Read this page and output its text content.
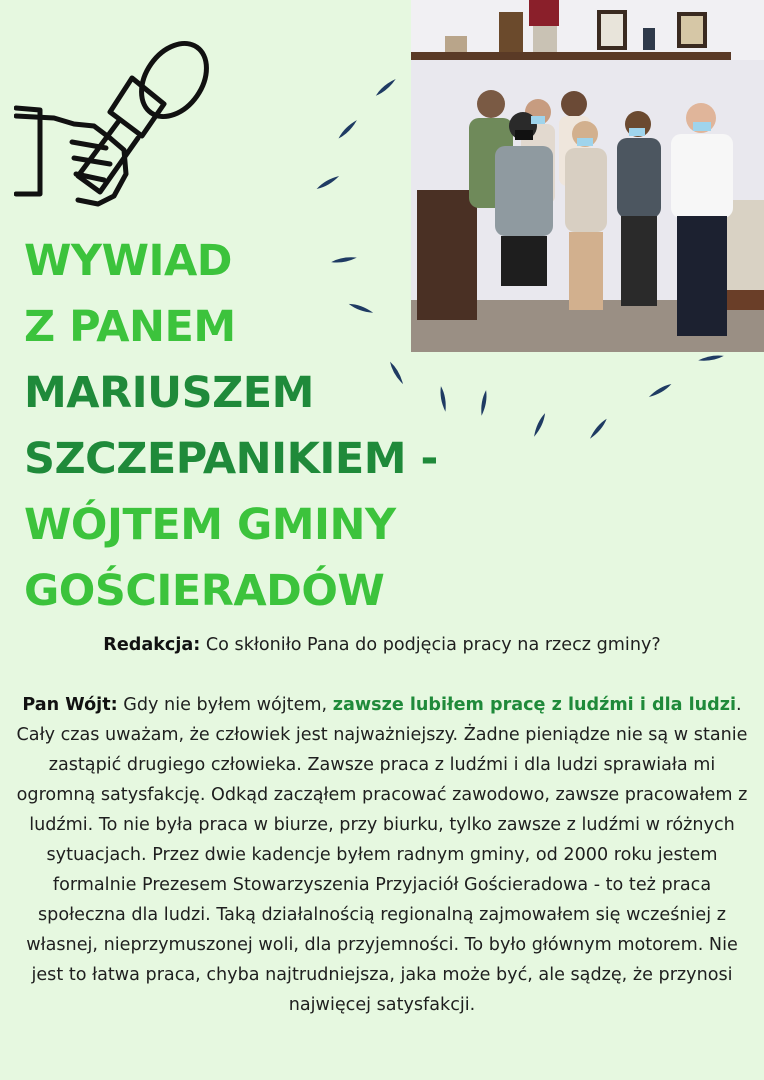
WYWIAD
Z PANEM
MARIUSZEM
SZCZEPANIKIEM -
WÓJTEM GMINY
GOŚCIERADÓW

Redakcja: Co skłoniło Pana do podjęcia pracy na rzecz gminy?

Pan Wójt: Gdy nie byłem wójtem, zawsze lubiłem pracę z ludźmi i dla ludzi. Cały czas uważam, że człowiek jest najważniejszy. Żadne pieniądze nie są w stanie zastąpić drugiego człowieka. Zawsze praca z ludźmi i dla ludzi sprawiała mi ogromną satysfakcję. Odkąd zacząłem pracować zawodowo, zawsze pracowałem z ludźmi. To nie była praca w biurze, przy biurku, tylko zawsze z ludźmi w różnych sytuacjach. Przez dwie kadencje byłem radnym gminy, od 2000 roku jestem formalnie Prezesem Stowarzyszenia Przyjaciół Gościeradowa - to też praca społeczna dla ludzi. Taką działalnością regionalną zajmowałem się wcześniej z własnej, nieprzymuszonej woli, dla przyjemności. To było głównym motorem. Nie jest to łatwa praca, chyba najtrudniejsza, jaka może być, ale sądzę, że przynosi najwięcej satysfakcji.
